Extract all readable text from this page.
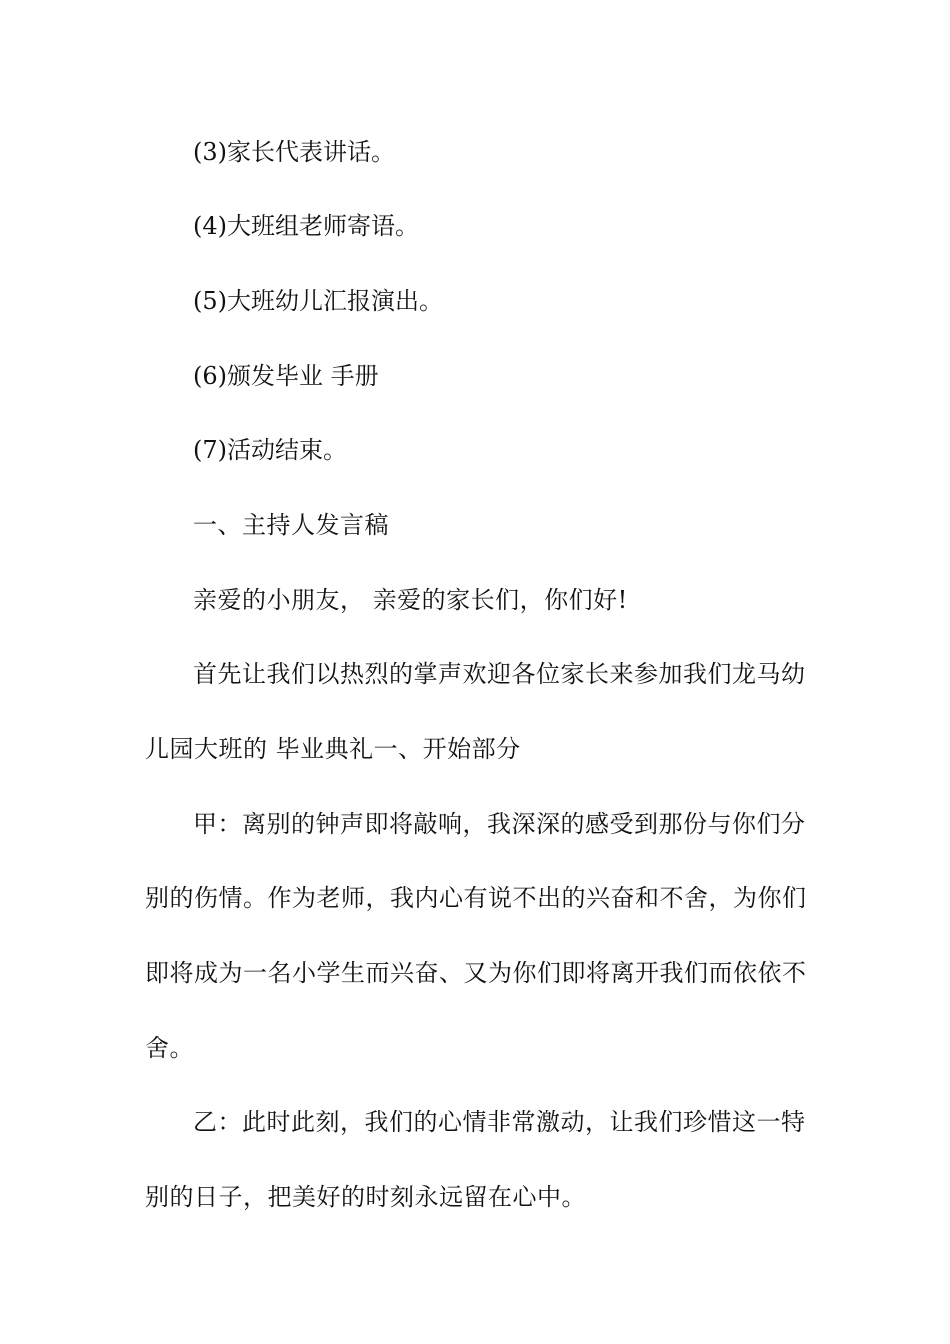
(3)家长代表讲话。
(4)大班组老师寄语。
(5)大班幼儿汇报演出。
(6)颁发毕业 手册
(7)活动结束。
一、主持人发言稿
亲爱的小朋友， 亲爱的家长们，你们好!
首先让我们以热烈的掌声欢迎各位家长来参加我们龙马幼
儿园大班的 毕业典礼一、开始部分
甲：离别的钟声即将敲响，我深深的感受到那份与你们分
别的伤情。作为老师，我内心有说不出的兴奋和不舍，为你们
即将成为一名小学生而兴奋、又为你们即将离开我们而依依不
舍。
乙：此时此刻，我们的心情非常激动，让我们珍惜这一特
别的日子，把美好的时刻永远留在心中。
